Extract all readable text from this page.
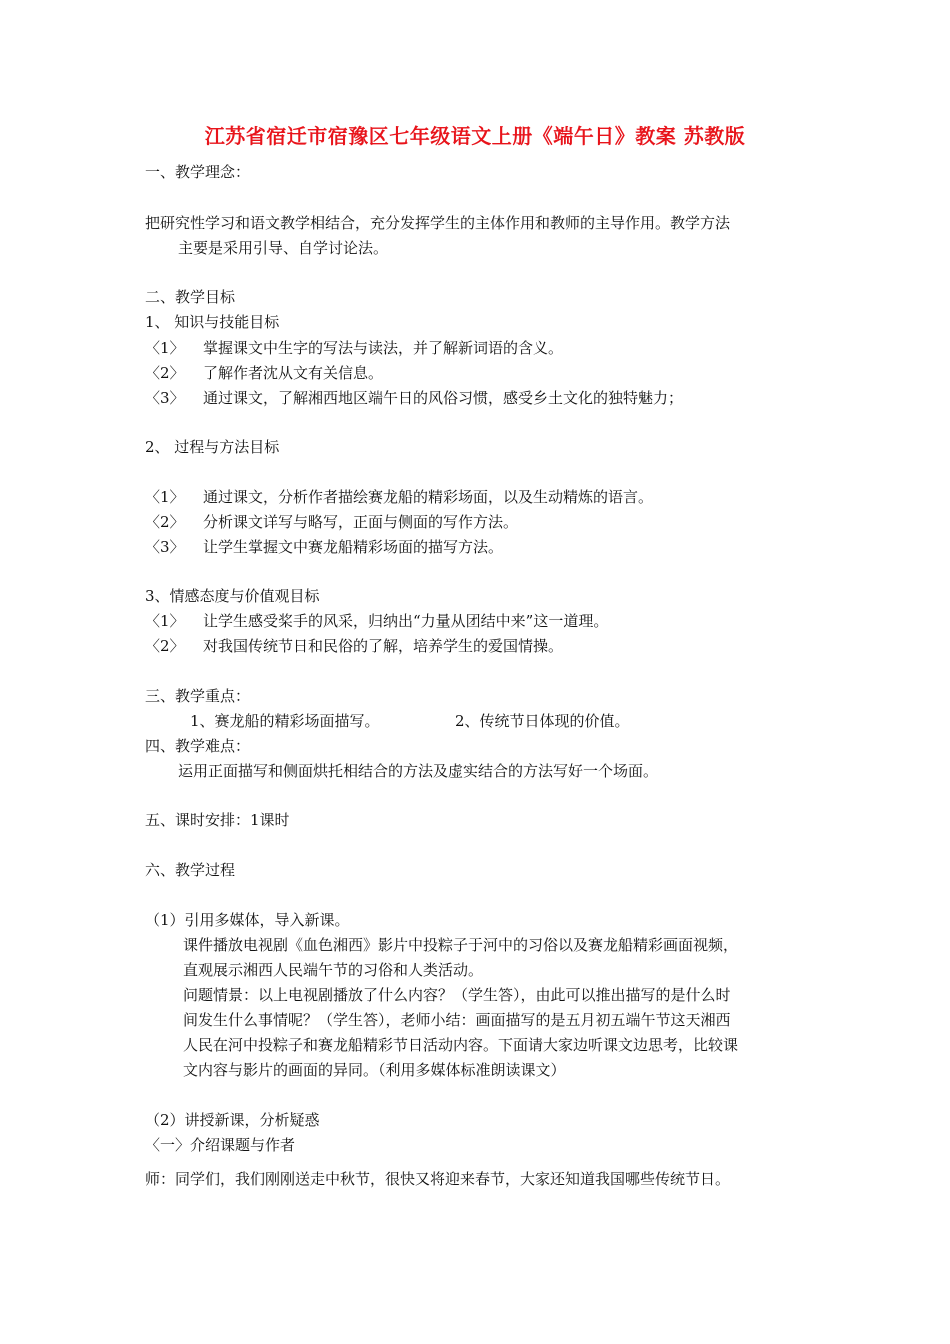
江苏省宿迁市宿豫区七年级语文上册《端午日》教案 苏教版
一、教学理念：
把研究性学习和语文教学相结合，充分发挥学生的主体作用和教师的主导作用。教学方法
主要是采用引导、自学讨论法。
二、教学目标
1、 知识与技能目标
〈1〉 掌握课文中生字的写法与读法，并了解新词语的含义。
〈2〉 了解作者沈从文有关信息。
〈3〉 通过课文，了解湘西地区端午日的风俗习惯，感受乡土文化的独特魅力；
2、 过程与方法目标
〈1〉 通过课文，分析作者描绘赛龙船的精彩场面，以及生动精炼的语言。
〈2〉 分析课文详写与略写，正面与侧面的写作方法。
〈3〉 让学生掌握文中赛龙船精彩场面的描写方法。
3、情感态度与价值观目标
〈1〉 让学生感受桨手的风采，归纳出“力量从团结中来”这一道理。
〈2〉 对我国传统节日和民俗的了解，培养学生的爱国情操。
三、教学重点：
1、赛龙船的精彩场面描写。	2、传统节日体现的价值。
四、教学难点：
运用正面描写和侧面烘托相结合的方法及虚实结合的方法写好一个场面。
五、课时安排：1课时
六、教学过程
（1）引用多媒体，导入新课。
课件播放电视剧《血色湘西》影片中投粽子于河中的习俗以及赛龙船精彩画面视频，
直观展示湘西人民端午节的习俗和人类活动。
问题情景：以上电视剧播放了什么内容？（学生答），由此可以推出描写的是什么时
间发生什么事情呢？（学生答），老师小结：画面描写的是五月初五端午节这天湘西
人民在河中投粽子和赛龙船精彩节日活动内容。下面请大家边听课文边思考，比较课
文内容与影片的画面的异同。（利用多媒体标准朗读课文）
（2）讲授新课，分析疑惑
〈一〉介绍课题与作者
师：同学们，我们刚刚送走中秋节，很快又将迎来春节，大家还知道我国哪些传统节日。
